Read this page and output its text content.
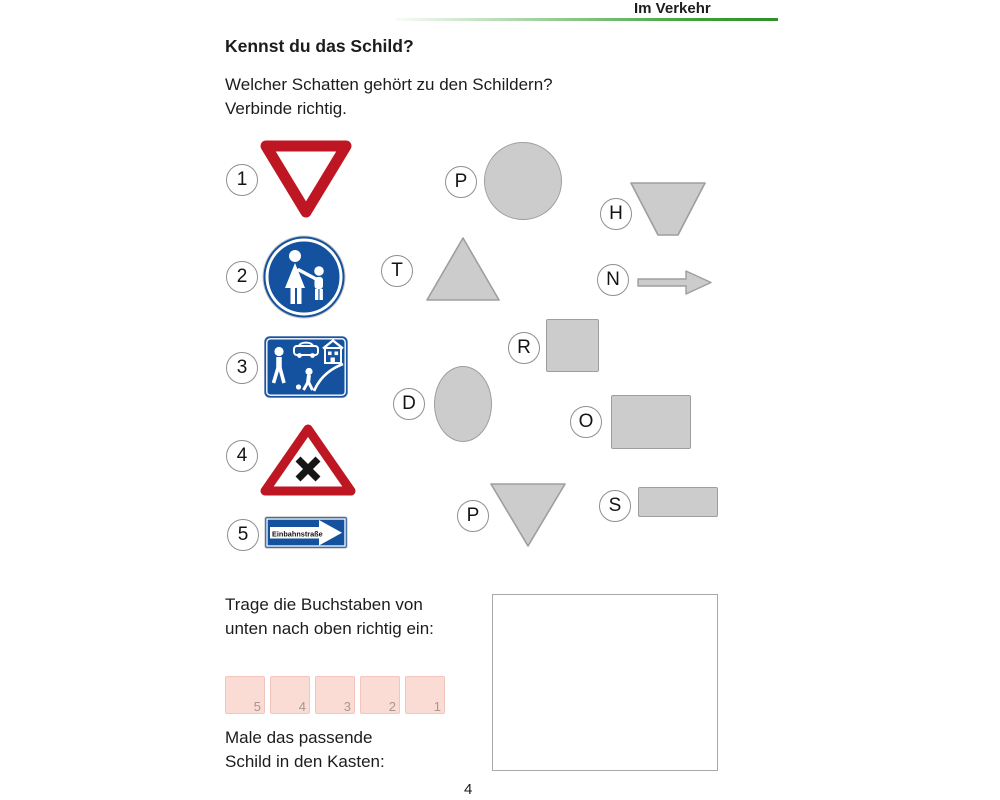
Im Verkehr
Kennst du das Schild?
Welcher Schatten gehört zu den Schildern?
Verbinde richtig.
1
2
3
4
5	Einbahnstraße
P
H
T	N
R
D
O
P	S
Trage die Buchstaben von
unten nach oben richtig ein:
5	4	3	2	1
Male das passende
Schild in den Kasten:
4
